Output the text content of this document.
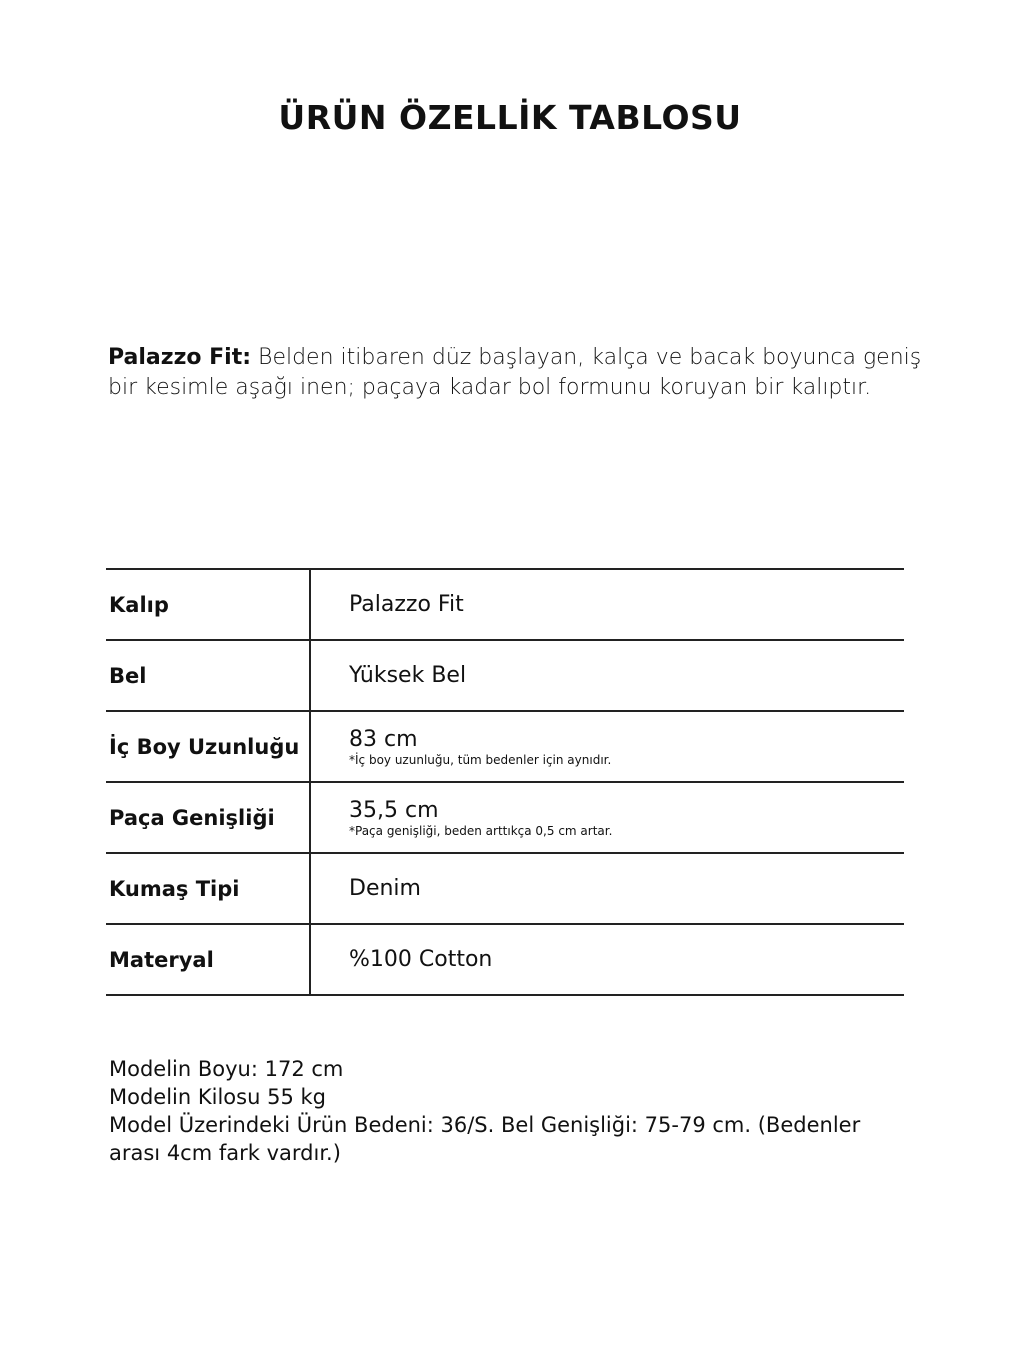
ÜRÜN ÖZELLİK TABLOSU

Palazzo Fit: Belden itibaren düz başlayan, kalça ve bacak boyunca geniş bir kesimle aşağı inen; paçaya kadar bol formunu koruyan bir kalıptır.

Kalıp	Palazzo Fit
Bel	Yüksek Bel
İç Boy Uzunluğu	83 cm
*İç boy uzunluğu, tüm bedenler için aynıdır.
Paça Genişliği	35,5 cm
*Paça genişliği, beden arttıkça 0,5 cm artar.
Kumaş Tipi	Denim
Materyal	%100 Cotton
Modelin Boyu: 172 cm
Modelin Kilosu 55 kg
Model Üzerindeki Ürün Bedeni: 36/S. Bel Genişliği: 75-79 cm. (Bedenler arası 4cm fark vardır.)
